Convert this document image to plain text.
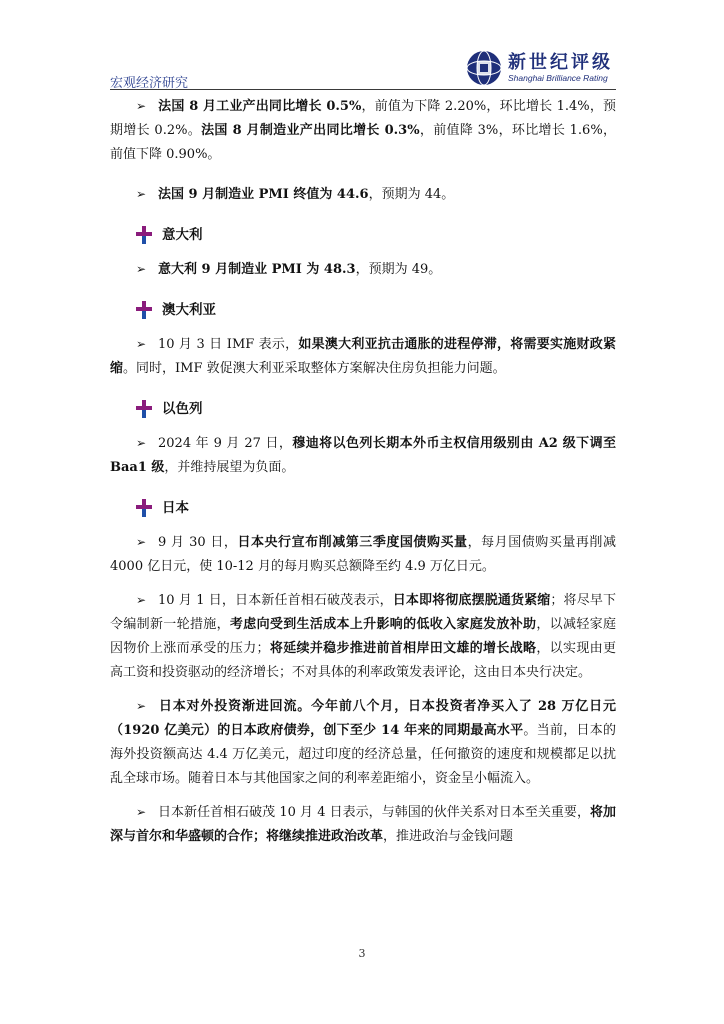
宏观经济研究
新世纪评级
Shanghai Brilliance Rating

➢ 法国 8 月工业产出同比增长 0.5%，前值为下降 2.20%，环比增长 1.4%，预期增长 0.2%。法国 8 月制造业产出同比增长 0.3%，前值降 3%，环比增长 1.6%，前值下降 0.90%。

➢ 法国 9 月制造业 PMI 终值为 44.6，预期为 44。

意大利

➢ 意大利 9 月制造业 PMI 为 48.3，预期为 49。

澳大利亚

➢ 10 月 3 日 IMF 表示，如果澳大利亚抗击通胀的进程停滞，将需要实施财政紧缩。同时，IMF 敦促澳大利亚采取整体方案解决住房负担能力问题。

以色列

➢ 2024 年 9 月 27 日，穆迪将以色列长期本外币主权信用级别由 A2 级下调至 Baa1 级，并维持展望为负面。

日本

➢ 9 月 30 日，日本央行宣布削减第三季度国债购买量，每月国债购买量再削减 4000 亿日元，使 10-12 月的每月购买总额降至约 4.9 万亿日元。

➢ 10 月 1 日，日本新任首相石破茂表示，日本即将彻底摆脱通货紧缩；将尽早下令编制新一轮措施，考虑向受到生活成本上升影响的低收入家庭发放补助，以减轻家庭因物价上涨而承受的压力；将延续并稳步推进前首相岸田文雄的增长战略，以实现由更高工资和投资驱动的经济增长；不对具体的利率政策发表评论，这由日本央行决定。

➢ 日本对外投资渐进回流。今年前八个月，日本投资者净买入了 28 万亿日元（1920 亿美元）的日本政府债券，创下至少 14 年来的同期最高水平。当前，日本的海外投资额高达 4.4 万亿美元，超过印度的经济总量，任何撤资的速度和规模都足以扰乱全球市场。随着日本与其他国家之间的利率差距缩小，资金呈小幅流入。

➢ 日本新任首相石破茂 10 月 4 日表示，与韩国的伙伴关系对日本至关重要，将加深与首尔和华盛顿的合作；将继续推进政治改革，推进政治与金钱问题

3
